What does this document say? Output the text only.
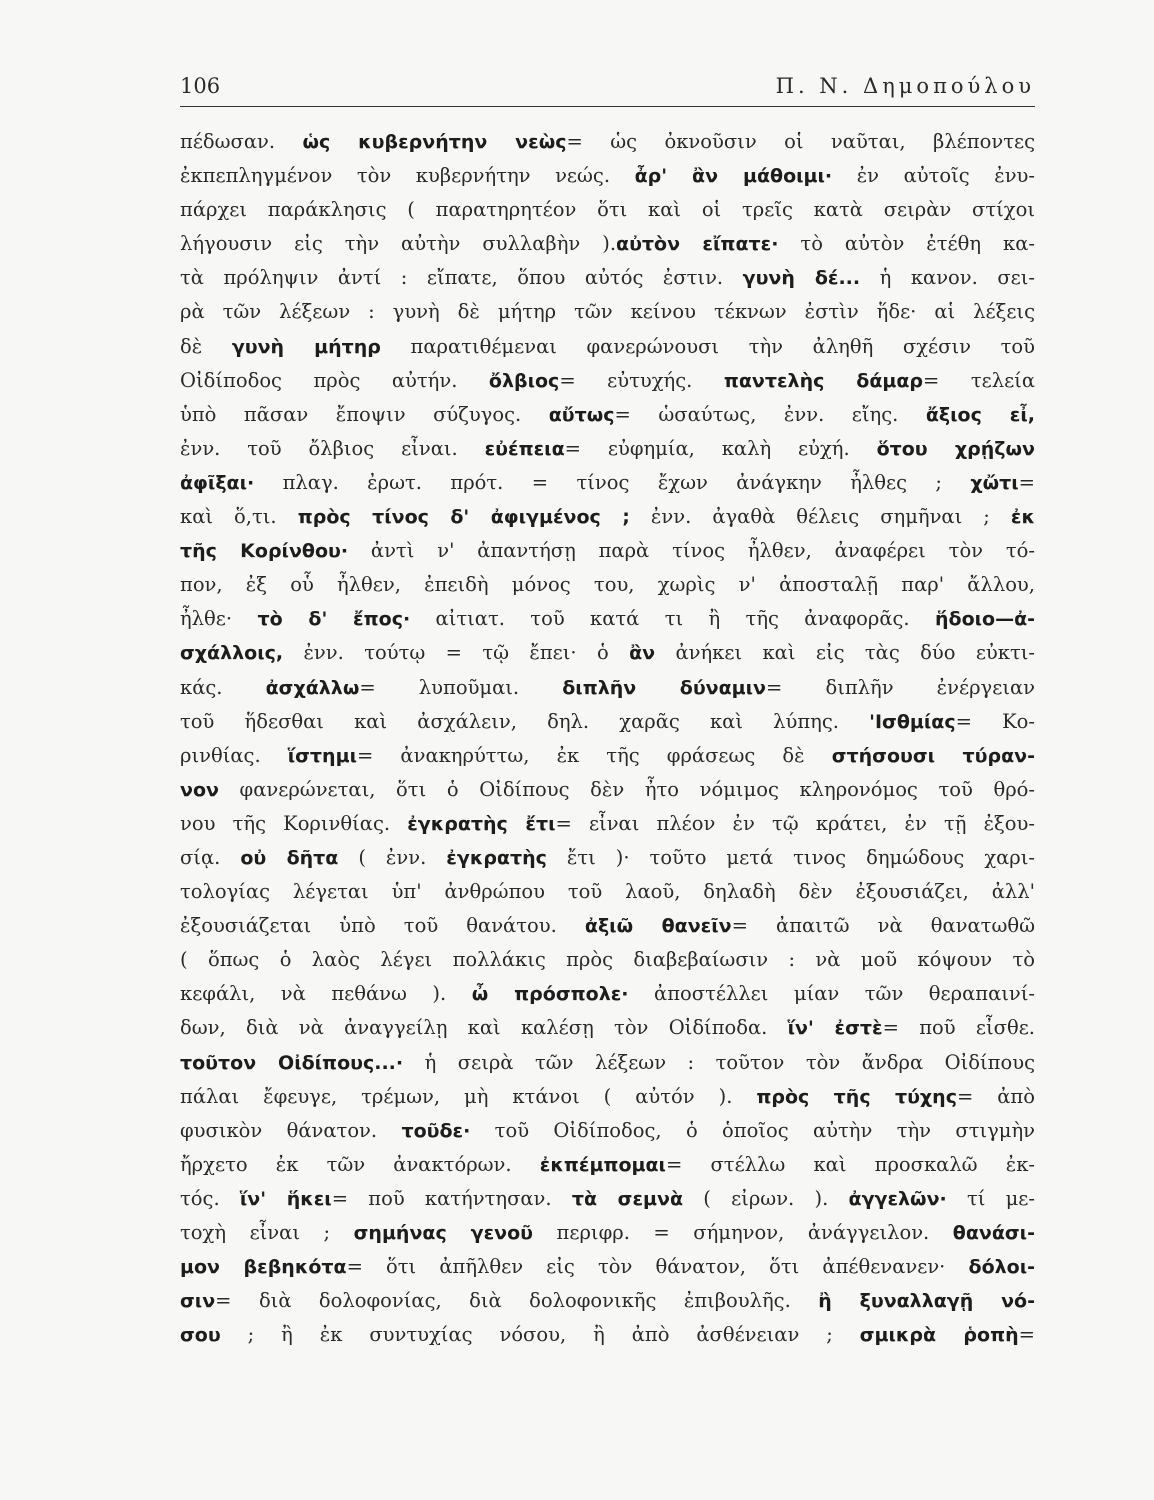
106	Π. Ν. Δημοπούλου
πέδωσαν. ὡς κυβερνήτην νεὼς= ὡς ὀκνοῦσιν οἱ ναῦται, βλέποντες
ἐκπεπληγμένον τὸν κυβερνήτην νεώς. ἆρ' ἂν μάθοιμι· ἐν αὐτοῖς ἐνυ-
πάρχει παράκλησις ( παρατηρητέον ὅτι καὶ οἱ τρεῖς κατὰ σειρὰν στίχοι
λήγουσιν εἰς τὴν αὐτὴν συλλαβὴν ).αὐτὸν εἴπατε· τὸ αὐτὸν ἐτέθη κα-
τὰ πρόληψιν ἀντί : εἴπατε, ὅπου αὐτός ἐστιν. γυνὴ δέ... ἡ κανον. σει-
ρὰ τῶν λέξεων : γυνὴ δὲ μήτηρ τῶν κείνου τέκνων ἐστὶν ἥδε· αἱ λέξεις
δὲ γυνὴ μήτηρ παρατιθέμεναι φανερώνουσι τὴν ἀληθῆ σχέσιν τοῦ
Οἰδίποδος πρὸς αὐτήν. ὄλβιος= εὐτυχής. παντελὴς δάμαρ= τελεία
ὑπὸ πᾶσαν ἔποψιν σύζυγος. αὔτως= ὡσαύτως, ἐνν. εἴης. ἄξιος εἶ,
ἐνν. τοῦ ὄλβιος εἶναι. εὐέπεια= εὐφημία, καλὴ εὐχή. ὅτου χρῄζων
ἀφῖξαι· πλαγ. ἐρωτ. πρότ. = τίνος ἔχων ἀνάγκην ἦλθες ; χὤτι=
καὶ ὅ,τι. πρὸς τίνος δ' ἀφιγμένος ; ἐνν. ἀγαθὰ θέλεις σημῆναι ; ἐκ
τῆς Κορίνθου· ἀντὶ ν' ἀπαντήσῃ παρὰ τίνος ἦλθεν, ἀναφέρει τὸν τό-
πον, ἐξ οὗ ἦλθεν, ἐπειδὴ μόνος του, χωρὶς ν' ἀποσταλῇ παρ' ἄλλου,
ἦλθε· τὸ δ' ἔπος· αἰτιατ. τοῦ κατά τι ἢ τῆς ἀναφορᾶς. ἥδοιο—ἀ-
σχάλλοις, ἐνν. τούτῳ = τῷ ἔπει· ὁ ἂν ἀνήκει καὶ εἰς τὰς δύο εὐκτι-
κάς. ἀσχάλλω= λυποῦμαι. διπλῆν δύναμιν= διπλῆν ἐνέργειαν
τοῦ ἥδεσθαι καὶ ἀσχάλειν, δηλ. χαρᾶς καὶ λύπης. 'Ισθμίας= Κο-
ρινθίας. ἵστημι= ἀνακηρύττω, ἐκ τῆς φράσεως δὲ στήσουσι τύραν-
νον φανερώνεται, ὅτι ὁ Οἰδίπους δὲν ἦτο νόμιμος κληρονόμος τοῦ θρό-
νου τῆς Κορινθίας. ἐγκρατὴς ἔτι= εἶναι πλέον ἐν τῷ κράτει, ἐν τῇ ἐξου-
σίᾳ. οὐ δῆτα ( ἐνν. ἐγκρατὴς ἔτι )· τοῦτο μετά τινος δημώδους χαρι-
τολογίας λέγεται ὑπ' ἀνθρώπου τοῦ λαοῦ, δηλαδὴ δὲν ἐξουσιάζει, ἀλλ'
ἐξουσιάζεται ὑπὸ τοῦ θανάτου. ἀξιῶ θανεῖν= ἀπαιτῶ νὰ θανατωθῶ
( ὅπως ὁ λαὸς λέγει πολλάκις πρὸς διαβεβαίωσιν : νὰ μοῦ κόψουν τὸ
κεφάλι, νὰ πεθάνω ). ὦ πρόσπολε· ἀποστέλλει μίαν τῶν θεραπαινί-
δων, διὰ νὰ ἀναγγείλῃ καὶ καλέσῃ τὸν Οἰδίποδα. ἵν' ἐστὲ= ποῦ εἶσθε.
τοῦτον Οἰδίπους...· ἡ σειρὰ τῶν λέξεων : τοῦτον τὸν ἄνδρα Οἰδίπους
πάλαι ἔφευγε, τρέμων, μὴ κτάνοι ( αὐτόν ). πρὸς τῆς τύχης= ἀπὸ
φυσικὸν θάνατον. τοῦδε· τοῦ Οἰδίποδος, ὁ ὁποῖος αὐτὴν τὴν στιγμὴν
ἤρχετο ἐκ τῶν ἀνακτόρων. ἐκπέμπομαι= στέλλω καὶ προσκαλῶ ἐκ-
τός. ἵν' ἥκει= ποῦ κατήντησαν. τὰ σεμνὰ ( εἰρων. ). ἀγγελῶν· τί με-
τοχὴ εἶναι ; σημήνας γενοῦ περιφρ. = σήμηνον, ἀνάγγειλον. θανάσι-
μον βεβηκότα= ὅτι ἀπῆλθεν εἰς τὸν θάνατον, ὅτι ἀπέθενανεν· δόλοι-
σιν= διὰ δολοφονίας, διὰ δολοφονικῆς ἐπιβουλῆς. ἢ ξυναλλαγῇ νό-
σου ; ἢ ἐκ συντυχίας νόσου, ἢ ἀπὸ ἀσθένειαν ; σμικρὰ ῥοπὴ=
